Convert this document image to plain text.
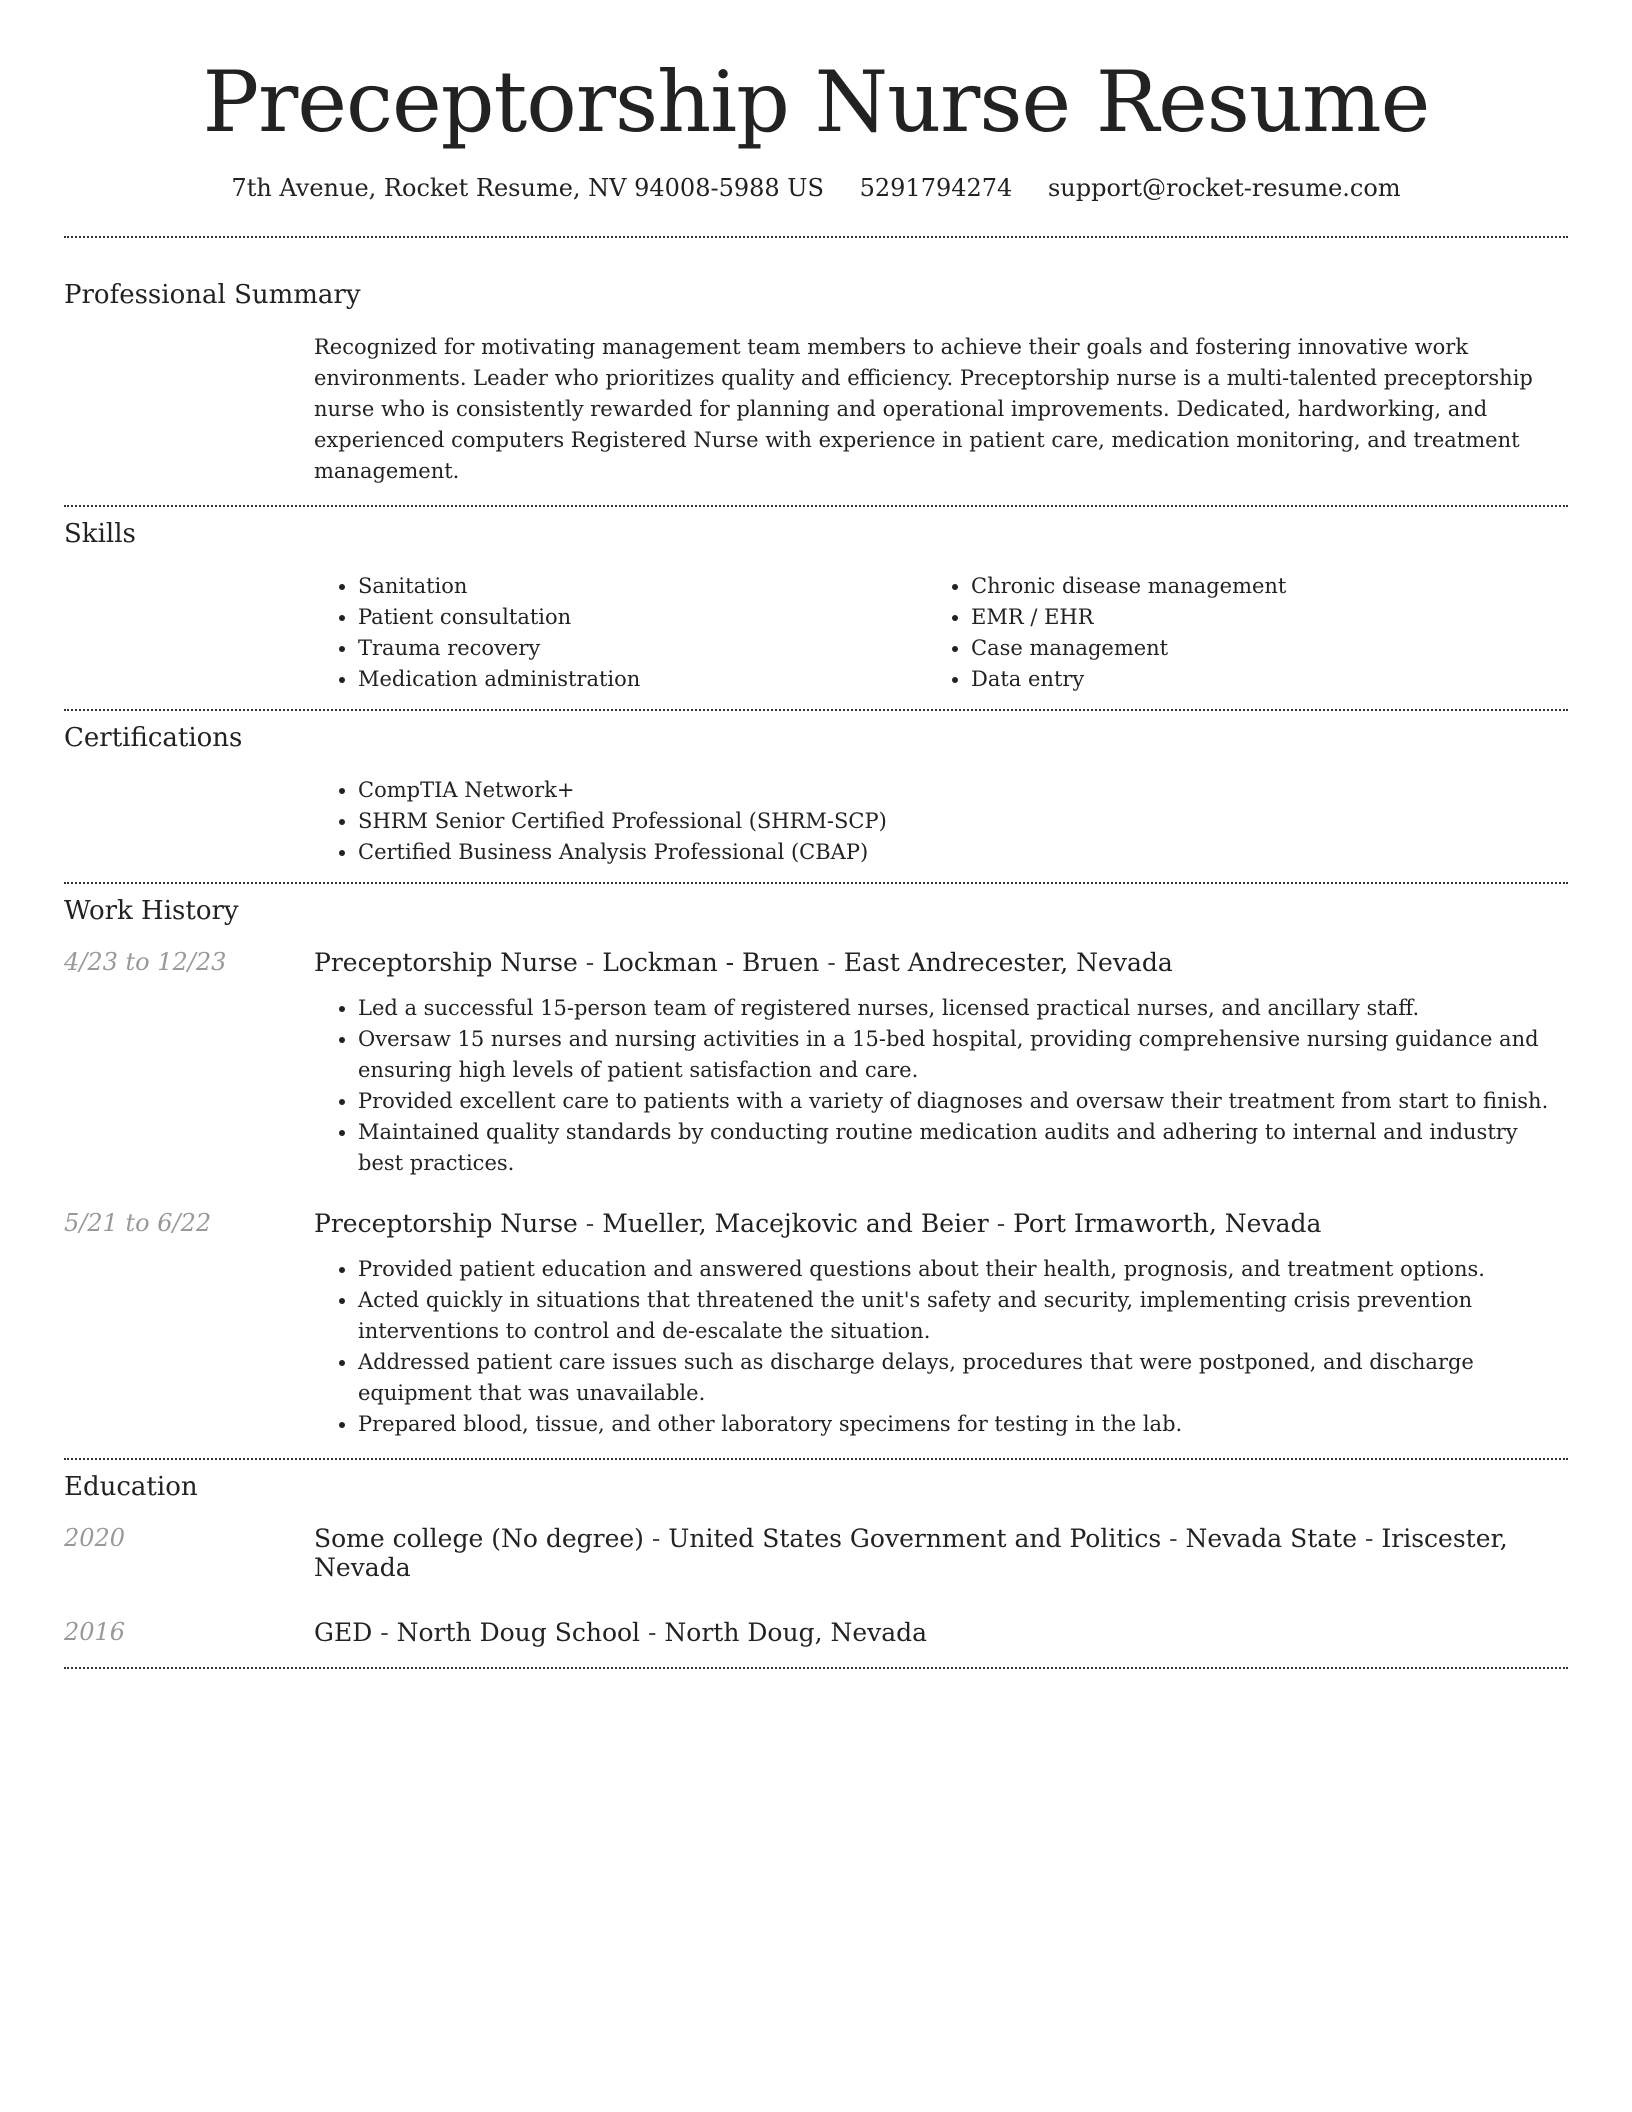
Preceptorship Nurse Resume
7th Avenue, Rocket Resume, NV 94008-5988 US 5291794274 support@rocket-resume.com
Professional Summary
Recognized for motivating management team members to achieve their goals and fostering innovative work environments. Leader who prioritizes quality and efficiency. Preceptorship nurse is a multi-talented preceptorship nurse who is consistently rewarded for planning and operational improvements. Dedicated, hardworking, and experienced computers Registered Nurse with experience in patient care, medication monitoring, and treatment management.
Skills
• Sanitation
• Patient consultation
• Trauma recovery
• Medication administration
• Chronic disease management
• EMR / EHR
• Case management
• Data entry
Certifications
• CompTIA Network+
• SHRM Senior Certified Professional (SHRM-SCP)
• Certified Business Analysis Professional (CBAP)
Work History
4/23 to 12/23	Preceptorship Nurse - Lockman - Bruen - East Andrecester, Nevada
• Led a successful 15-person team of registered nurses, licensed practical nurses, and ancillary staff.
• Oversaw 15 nurses and nursing activities in a 15-bed hospital, providing comprehensive nursing guidance and ensuring high levels of patient satisfaction and care.
• Provided excellent care to patients with a variety of diagnoses and oversaw their treatment from start to finish.
• Maintained quality standards by conducting routine medication audits and adhering to internal and industry best practices.
5/21 to 6/22	Preceptorship Nurse - Mueller, Macejkovic and Beier - Port Irmaworth, Nevada
• Provided patient education and answered questions about their health, prognosis, and treatment options.
• Acted quickly in situations that threatened the unit's safety and security, implementing crisis prevention interventions to control and de-escalate the situation.
• Addressed patient care issues such as discharge delays, procedures that were postponed, and discharge equipment that was unavailable.
• Prepared blood, tissue, and other laboratory specimens for testing in the lab.
Education
2020	Some college (No degree) - United States Government and Politics - Nevada State - Iriscester, Nevada
2016	GED - North Doug School - North Doug, Nevada
